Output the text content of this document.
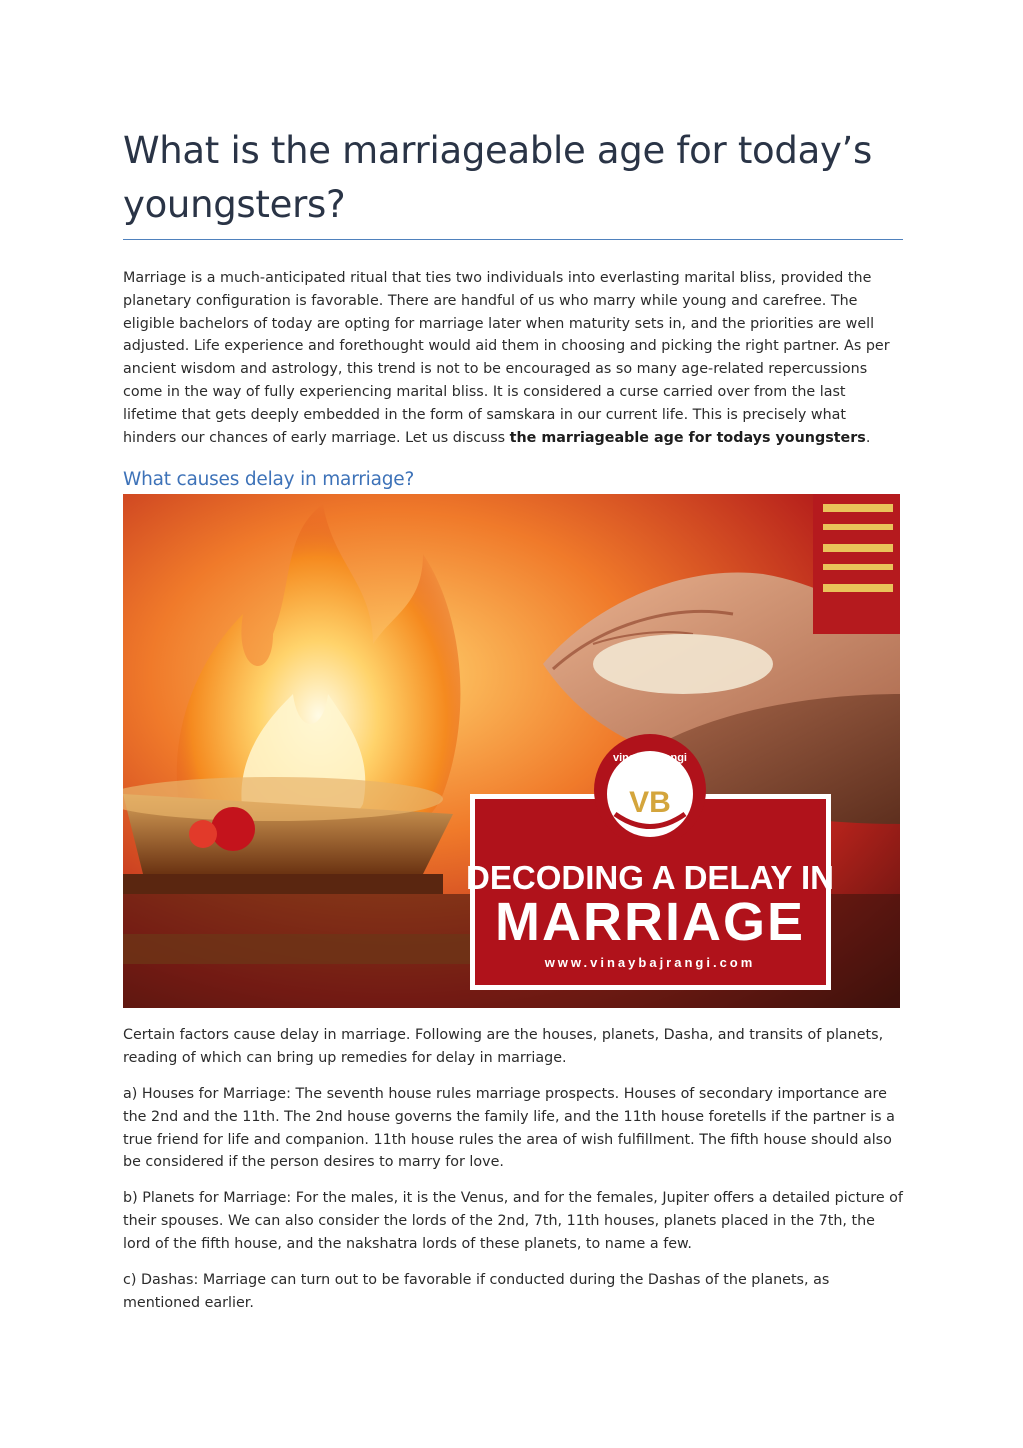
What is the marriageable age for today’s youngsters?

Marriage is a much-anticipated ritual that ties two individuals into everlasting marital bliss, provided the planetary configuration is favorable. There are handful of us who marry while young and carefree. The eligible bachelors of today are opting for marriage later when maturity sets in, and the priorities are well adjusted. Life experience and forethought would aid them in choosing and picking the right partner. As per ancient wisdom and astrology, this trend is not to be encouraged as so many age-related repercussions come in the way of fully experiencing marital bliss. It is considered a curse carried over from the last lifetime that gets deeply embedded in the form of samskara in our current life. This is precisely what hinders our chances of early marriage. Let us discuss the marriageable age for todays youngsters.

What causes delay in marriage?
DECODING A DELAY IN
MARRIAGE
www.vinaybajrangi.com
vinay bajrangi
VB

Certain factors cause delay in marriage. Following are the houses, planets, Dasha, and transits of planets, reading of which can bring up remedies for delay in marriage.

a) Houses for Marriage: The seventh house rules marriage prospects. Houses of secondary importance are the 2nd and the 11th. The 2nd house governs the family life, and the 11th house foretells if the partner is a true friend for life and companion. 11th house rules the area of wish fulfillment. The fifth house should also be considered if the person desires to marry for love.

b) Planets for Marriage: For the males, it is the Venus, and for the females, Jupiter offers a detailed picture of their spouses. We can also consider the lords of the 2nd, 7th, 11th houses, planets placed in the 7th, the lord of the fifth house, and the nakshatra lords of these planets, to name a few.

c) Dashas: Marriage can turn out to be favorable if conducted during the Dashas of the planets, as mentioned earlier.
